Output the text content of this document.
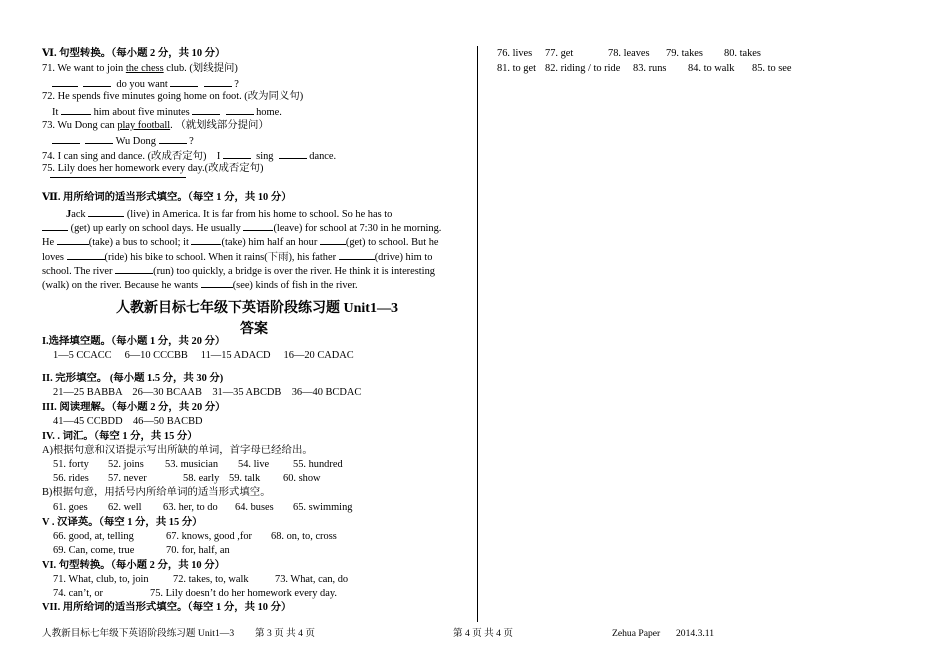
Ⅵ. 句型转换。（每小题 2 分，共 10 分）
71. We want to join the chess club. (划线提问)
do you want	?
72. He spends five minutes going home on foot. (改为同义句)
It	him about five minutes	home.
73. Wu Dong can play football. （就划线部分提问）
Wu Dong	?
74. I can sing and dance. (改成否定句) I	sing	dance.
75. Lily does her homework every day.(改成否定句)
Ⅶ. 用所给词的适当形式填空。（每空 1 分，共 10 分）
Jack	(live) in America. It is far from his home to school. So he has to
(get) up early on school days. He usually	(leave) for school at 7:30 in he morning.
He	(take) a bus to school; it	(take) him half an hour	(get) to school. But he
loves	(ride) his bike to school. When it rains(下雨), his father	(drive) him to
school. The river	(run) too quickly, a bridge is over the river. He think it is interesting
(walk) on the river. Because he wants	(see) kinds of fish in the river.
人教新目标七年级下英语阶段练习题 Unit1—3
答案
I.选择填空题。（每小题 1 分，共 20 分）
1—5 CCACC     6—10 CCCBB     11—15 ADACD     16—20 CADAC
II. 完形填空。 (每小题 1.5 分，共 30 分)
21—25 BABBA    26—30 BCAAB    31—35 ABCDB    36—40 BCDAC
III. 阅读理解。（每小题 2 分，共 20 分）
41—45 CCBDD    46—50 BACBD
IV. . 词汇。（每空 1 分，共 15 分）
A)根据句意和汉语提示写出所缺的单词，首字母已经给出。
51. forty 52. joins 53. musician 54. live 55. hundred
56. rides 57. never	58. early 59. talk 60. show
B)根据句意，用括号内所给单词的适当形式填空。
61. goes 62. well 63. her, to do 64. buses 65. swimming
V . 汉译英。（每空 1 分，共 15 分）
66. good, at, telling	67. knows, good ,for 68. on, to, cross
69. Can, come, true	70. for, half, an
VI. 句型转换。（每小题 2 分，共 10 分）
71. What, club, to, join 72. takes, to, walk	73. What, can, do
74. can’t, or	75. Lily doesn’t do her homework every day.
VII. 用所给词的适当形式填空。（每空 1 分，共 10 分）
76. lives 77. get	78. leaves 79. takes 80. takes
81. to get 82. riding / to ride 83. runs 84. to walk 85. to see
人教新目标七年级下英语阶段练习题 Unit1—3 第 3 页 共 4 页	第 4 页 共 4 页	Zehua Paper 2014.3.11
